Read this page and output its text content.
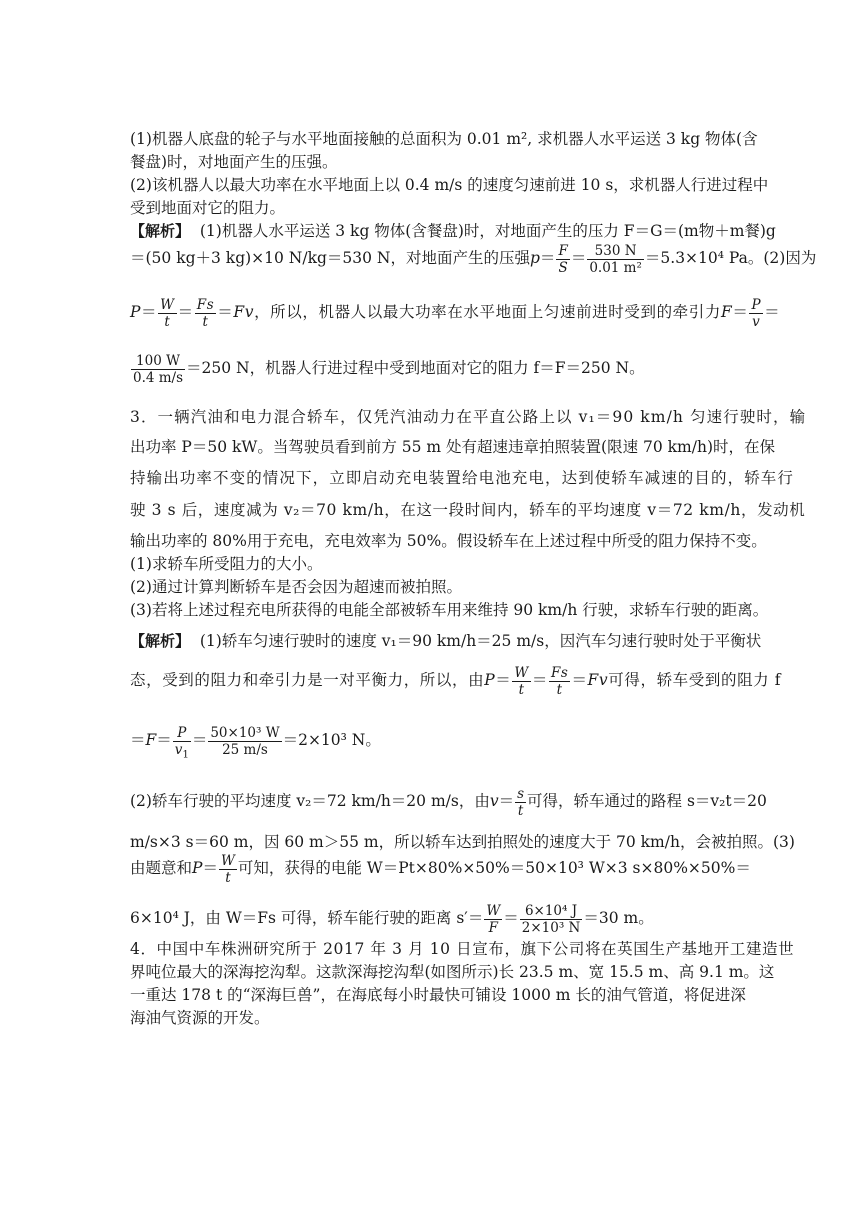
(1)机器人底盘的轮子与水平地面接触的总面积为 0.01 m², 求机器人水平运送 3 kg 物体(含
餐盘)时，对地面产生的压强。
(2)该机器人以最大功率在水平地面上以 0.4 m/s 的速度匀速前进 10 s，求机器人行进过程中
受到地面对它的阻力。
【解析】 (1)机器人水平运送 3 kg 物体(含餐盘)时，对地面产生的压力 F＝G＝(m物＋m餐)g
＝(50 kg＋3 kg)×10 N/kg＝530 N，对地面产生的压强$p= \frac{F}{S} = \frac{530 N}{\text{0.01 m²}} =5.3\times 10^4$ Pa。(2)因为
$P= \frac{W}{t} = \frac{Fs}{t} =Fv$，所以，机器人以最大功率在水平地面上匀速前进时受到的牵引力$F= \frac{P}{v}$ ＝
$\frac{100 W}{0.4 m/s} =250$ N，机器人行进过程中受到地面对它的阻力 f＝F＝250 N。
3．一辆汽油和电力混合轿车，仅凭汽油动力在平直公路上以 v₁＝90 km/h 匀速行驶时，输
出功率 P＝50 kW。当驾驶员看到前方 55 m 处有超速违章拍照装置(限速 70 km/h)时，在保
持输出功率不变的情况下，立即启动充电装置给电池充电，达到使轿车减速的目的，轿车行
驶 3 s 后，速度减为 v₂＝70 km/h，在这一段时间内，轿车的平均速度 v＝72 km/h，发动机
输出功率的 80%用于充电，充电效率为 50%。假设轿车在上述过程中所受的阻力保持不变。
(1)求轿车所受阻力的大小。
(2)通过计算判断轿车是否会因为超速而被拍照。
(3)若将上述过程充电所获得的电能全部被轿车用来维持 90 km/h 行驶，求轿车行驶的距离。
【解析】 (1)轿车匀速行驶时的速度 v₁＝90 km/h＝25 m/s，因汽车匀速行驶时处于平衡状
态，受到的阻力和牵引力是一对平衡力，所以，由$P= \frac{W}{t} = \frac{Fs}{t} =Fv$可得，轿车受到的阻力 f
$=F= \frac{P}{v_1} = \frac{\text{50×10³ W}}{25 m/s} =2\times 10^3$ N。
(2)轿车行驶的平均速度 v₂＝72 km/h＝20 m/s，由$v= \frac{s}{t}$ 可得，轿车通过的路程 s＝v₂t＝20
m/s×3 s＝60 m，因 60 m＞55 m，所以轿车达到拍照处的速度大于 70 km/h，会被拍照。(3)
由题意和$P= \frac{W}{t}$ 可知，获得的电能 W＝Pt×80%×50%＝50×10³ W×3 s×80%×50%＝
6×10⁴ J，由 W＝Fs 可得，轿车能行驶的距离 $s'= \frac{W}{F} = \frac{\text{6×10⁴ J}}{\text{2×10³ N}} =30$ m。
4．中国中车株洲研究所于 2017 年 3 月 10 日宣布，旗下公司将在英国生产基地开工建造世
界吨位最大的深海挖沟犁。这款深海挖沟犁(如图所示)长 23.5 m、宽 15.5 m、高 9.1 m。这
一重达 178 t 的“深海巨兽”，在海底每小时最快可铺设 1000 m 长的油气管道，将促进深
海油气资源的开发。
